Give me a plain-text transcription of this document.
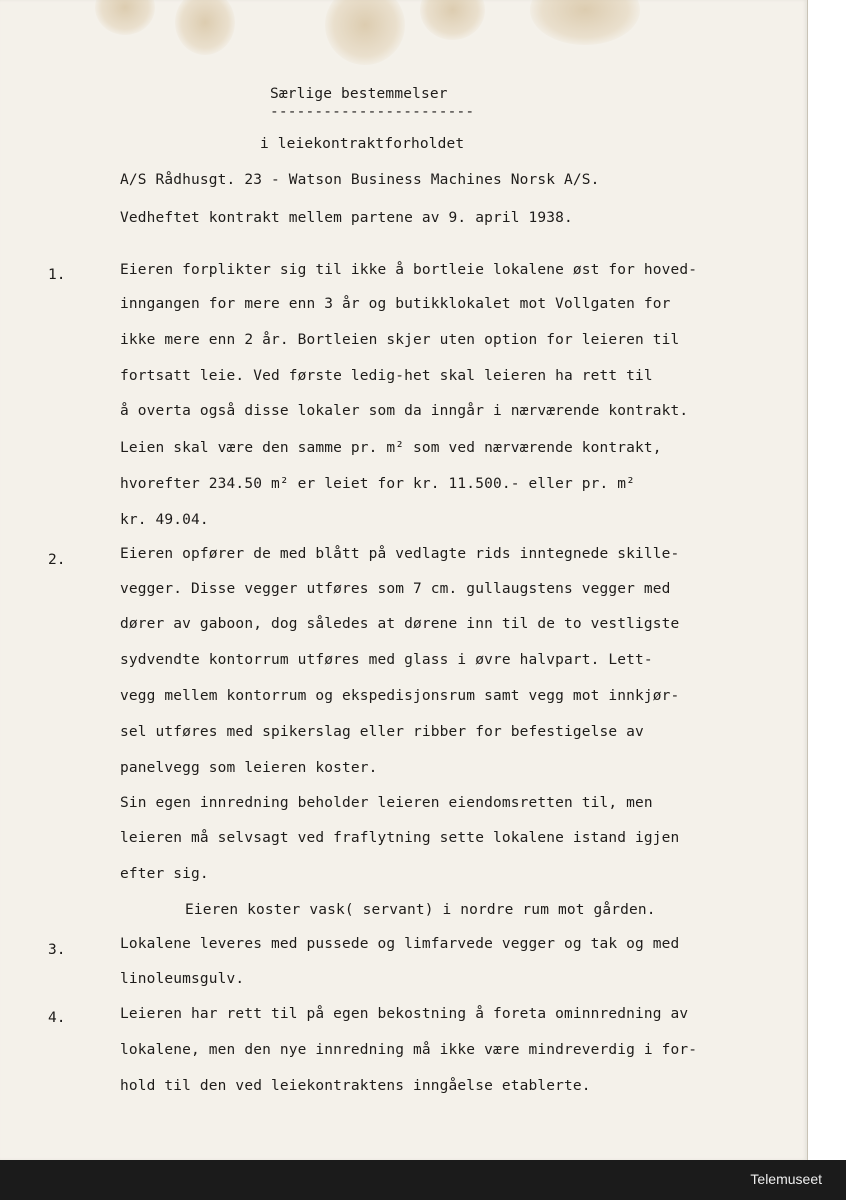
Særlige bestemmelser
-----------------------
i leiekontraktforholdet
A/S Rådhusgt. 23 - Watson Business Machines Norsk A/S.
Vedheftet kontrakt mellem partene av 9. april 1938.
1.	Eieren forplikter sig til ikke å bortleie lokalene øst for hoved-
inngangen for mere enn 3 år og butikklokalet mot Vollgaten for
ikke mere enn 2 år. Bortleien skjer uten option for leieren til
fortsatt leie. Ved første ledig-het skal leieren ha rett til
å overta også disse lokaler som da inngår i nærværende kontrakt.
Leien skal være den samme pr. m² som ved nærværende kontrakt,
hvorefter 234.50 m² er leiet for kr. 11.500.- eller pr. m²
kr. 49.04.
2.	Eieren opfører de med blått på vedlagte rids inntegnede skille-
vegger. Disse vegger utføres som 7 cm. gullaugstens vegger med
dører av gaboon, dog således at dørene inn til de to vestligste
sydvendte kontorrum utføres med glass i øvre halvpart. Lett-
vegg mellem kontorrum og ekspedisjonsrum samt vegg mot innkjør-
sel utføres med spikerslag eller ribber for befestigelse av
panelvegg som leieren koster.
Sin egen innredning beholder leieren eiendomsretten til, men
leieren må selvsagt ved fraflytning sette lokalene istand igjen
efter sig.
Eieren koster vask( servant) i nordre rum mot gården.
3.	Lokalene leveres med pussede og limfarvede vegger og tak og med
linoleumsgulv.
4.	Leieren har rett til på egen bekostning å foreta ominnredning av
lokalene, men den nye innredning må ikke være mindreverdig i for-
hold til den ved leiekontraktens inngåelse etablerte.
Telemuseet
